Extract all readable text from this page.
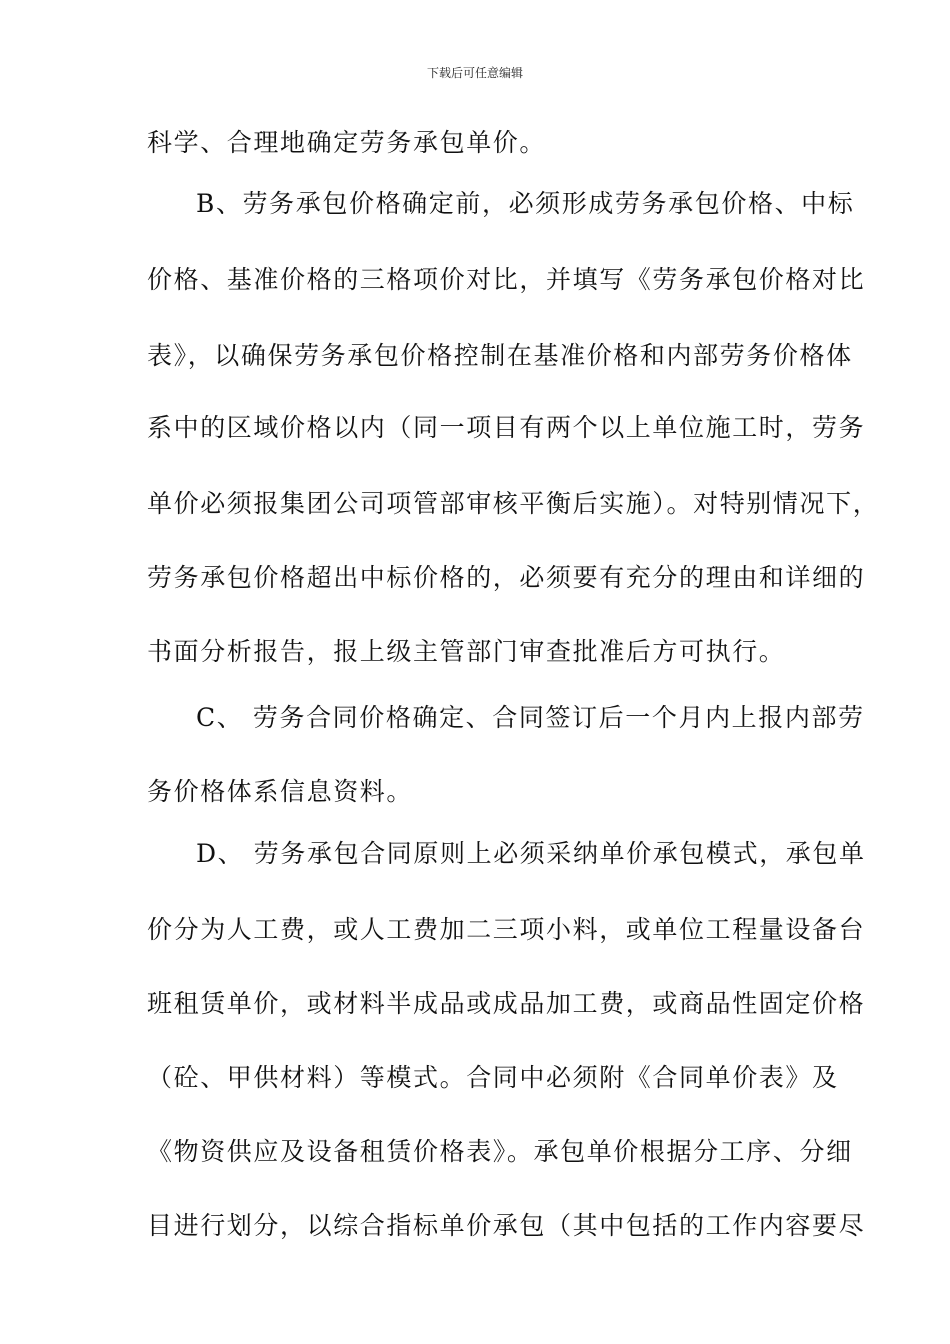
下载后可任意编辑
科学、合理地确定劳务承包单价。
B、劳务承包价格确定前，必须形成劳务承包价格、中标
价格、基准价格的三格项价对比，并填写《劳务承包价格对比
表》，以确保劳务承包价格控制在基准价格和内部劳务价格体
系中的区域价格以内（同一项目有两个以上单位施工时，劳务
单价必须报集团公司项管部审核平衡后实施）。对特别情况下，
劳务承包价格超出中标价格的，必须要有充分的理由和详细的
书面分析报告，报上级主管部门审查批准后方可执行。
C、 劳务合同价格确定、合同签订后一个月内上报内部劳
务价格体系信息资料。
D、 劳务承包合同原则上必须采纳单价承包模式，承包单
价分为人工费，或人工费加二三项小料，或单位工程量设备台
班租赁单价，或材料半成品或成品加工费，或商品性固定价格
（砼、甲供材料）等模式。合同中必须附《合同单价表》及
《物资供应及设备租赁价格表》。承包单价根据分工序、分细
目进行划分，以综合指标单价承包（其中包括的工作内容要尽
